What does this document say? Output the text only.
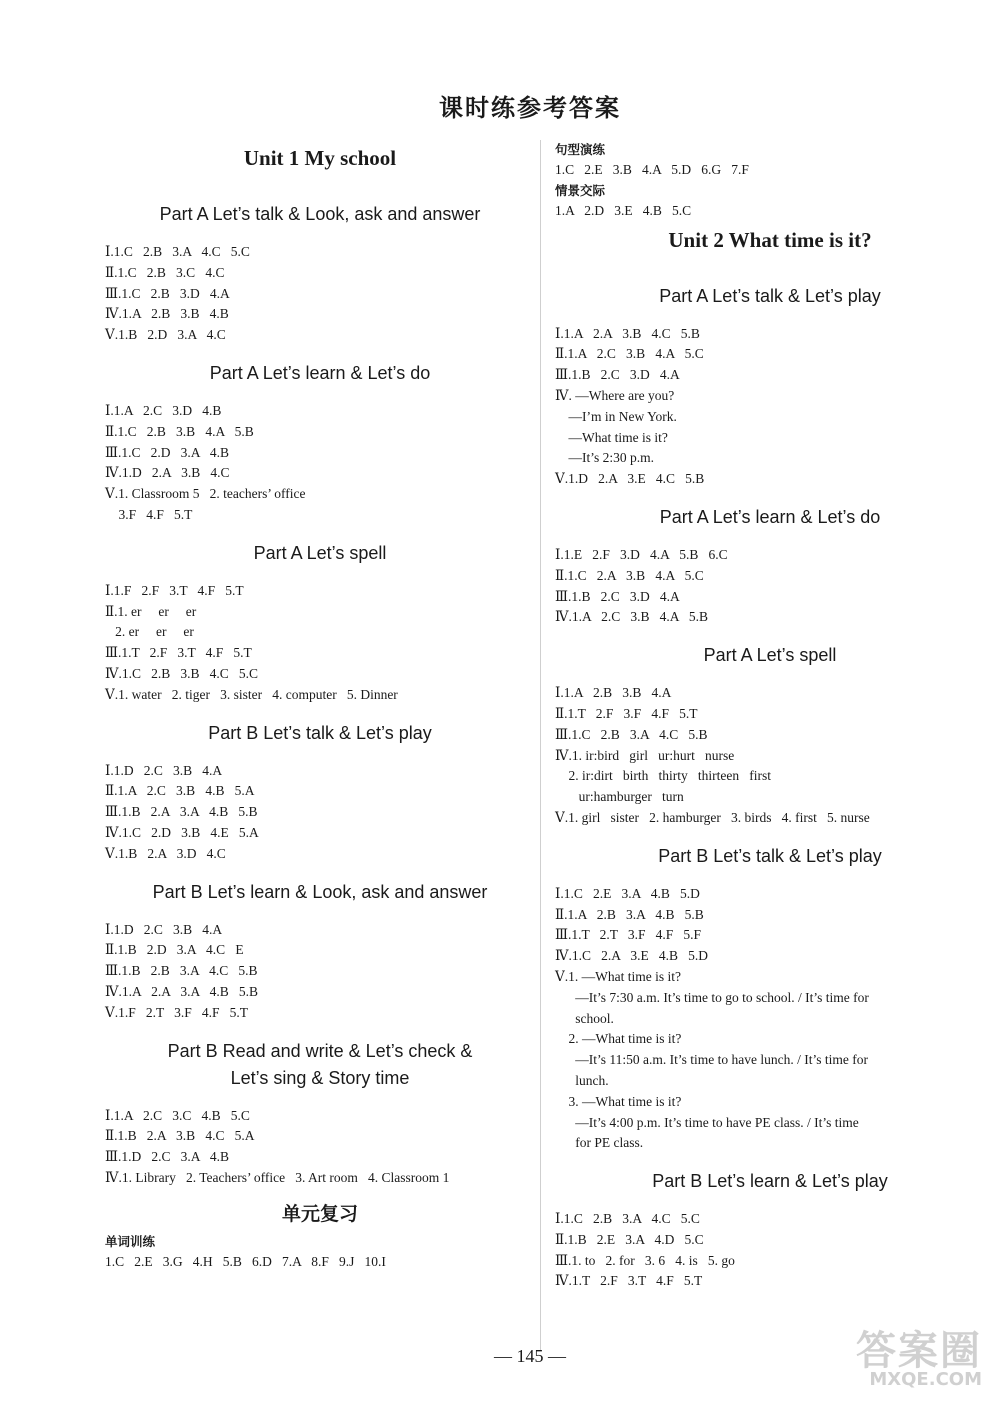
课时练参考答案
Unit 1 My school
Part A Let’s talk & Look, ask and answer
Ⅰ.1.C   2.B   3.A   4.C   5.C
Ⅱ.1.C   2.B   3.C   4.C
Ⅲ.1.C   2.B   3.D   4.A
Ⅳ.1.A   2.B   3.B   4.B
Ⅴ.1.B   2.D   3.A   4.C
Part A Let’s learn & Let’s do
Ⅰ.1.A   2.C   3.D   4.B
Ⅱ.1.C   2.B   3.B   4.A   5.B
Ⅲ.1.C   2.D   3.A   4.B
Ⅳ.1.D   2.A   3.B   4.C
Ⅴ.1. Classroom 5   2. teachers’ office
3.F   4.F   5.T
Part A Let’s spell
Ⅰ.1.F   2.F   3.T   4.F   5.T
Ⅱ.1. er     er     er
2. er     er     er
Ⅲ.1.T   2.F   3.T   4.F   5.T
Ⅳ.1.C   2.B   3.B   4.C   5.C
Ⅴ.1. water   2. tiger   3. sister   4. computer   5. Dinner
Part B Let’s talk & Let’s play
Ⅰ.1.D   2.C   3.B   4.A
Ⅱ.1.A   2.C   3.B   4.B   5.A
Ⅲ.1.B   2.A   3.A   4.B   5.B
Ⅳ.1.C   2.D   3.B   4.E   5.A
Ⅴ.1.B   2.A   3.D   4.C
Part B Let’s learn & Look, ask and answer
Ⅰ.1.D   2.C   3.B   4.A
Ⅱ.1.B   2.D   3.A   4.C   E
Ⅲ.1.B   2.B   3.A   4.C   5.B
Ⅳ.1.A   2.A   3.A   4.B   5.B
Ⅴ.1.F   2.T   3.F   4.F   5.T
Part B Read and write & Let’s check &
Let’s sing & Story time
Ⅰ.1.A   2.C   3.C   4.B   5.C
Ⅱ.1.B   2.A   3.B   4.C   5.A
Ⅲ.1.D   2.C   3.A   4.B
Ⅳ.1. Library   2. Teachers’ office   3. Art room   4. Classroom 1
单元复习
单词训练
1.C   2.E   3.G   4.H   5.B   6.D   7.A   8.F   9.J   10.I
句型演练
1.C   2.E   3.B   4.A   5.D   6.G   7.F
情景交际
1.A   2.D   3.E   4.B   5.C
Unit 2 What time is it?
Part A Let’s talk & Let’s play
Ⅰ.1.A   2.A   3.B   4.C   5.B
Ⅱ.1.A   2.C   3.B   4.A   5.C
Ⅲ.1.B   2.C   3.D   4.A
Ⅳ. —Where are you?
—I’m in New York.
—What time is it?
—It’s 2:30 p.m.
Ⅴ.1.D   2.A   3.E   4.C   5.B
Part A Let’s learn & Let’s do
Ⅰ.1.E   2.F   3.D   4.A   5.B   6.C
Ⅱ.1.C   2.A   3.B   4.A   5.C
Ⅲ.1.B   2.C   3.D   4.A
Ⅳ.1.A   2.C   3.B   4.A   5.B
Part A Let’s spell
Ⅰ.1.A   2.B   3.B   4.A
Ⅱ.1.T   2.F   3.F   4.F   5.T
Ⅲ.1.C   2.B   3.A   4.C   5.B
Ⅳ.1. ir:bird   girl   ur:hurt   nurse
2. ir:dirt   birth   thirty   thirteen   first
ur:hamburger   turn
Ⅴ.1. girl   sister   2. hamburger   3. birds   4. first   5. nurse
Part B Let’s talk & Let’s play
Ⅰ.1.C   2.E   3.A   4.B   5.D
Ⅱ.1.A   2.B   3.A   4.B   5.B
Ⅲ.1.T   2.T   3.F   4.F   5.F
Ⅳ.1.C   2.A   3.E   4.B   5.D
Ⅴ.1. —What time is it?
—It’s 7:30 a.m. It’s time to go to school. / It’s time for
school.
2. —What time is it?
—It’s 11:50 a.m. It’s time to have lunch. / It’s time for
lunch.
3. —What time is it?
—It’s 4:00 p.m. It’s time to have PE class. / It’s time
for PE class.
Part B Let’s learn & Let’s play
Ⅰ.1.C   2.B   3.A   4.C   5.C
Ⅱ.1.B   2.E   3.A   4.D   5.C
Ⅲ.1. to   2. for   3. 6   4. is   5. go
Ⅳ.1.T   2.F   3.T   4.F   5.T
— 145 —	答案圈
MXQE.COM
